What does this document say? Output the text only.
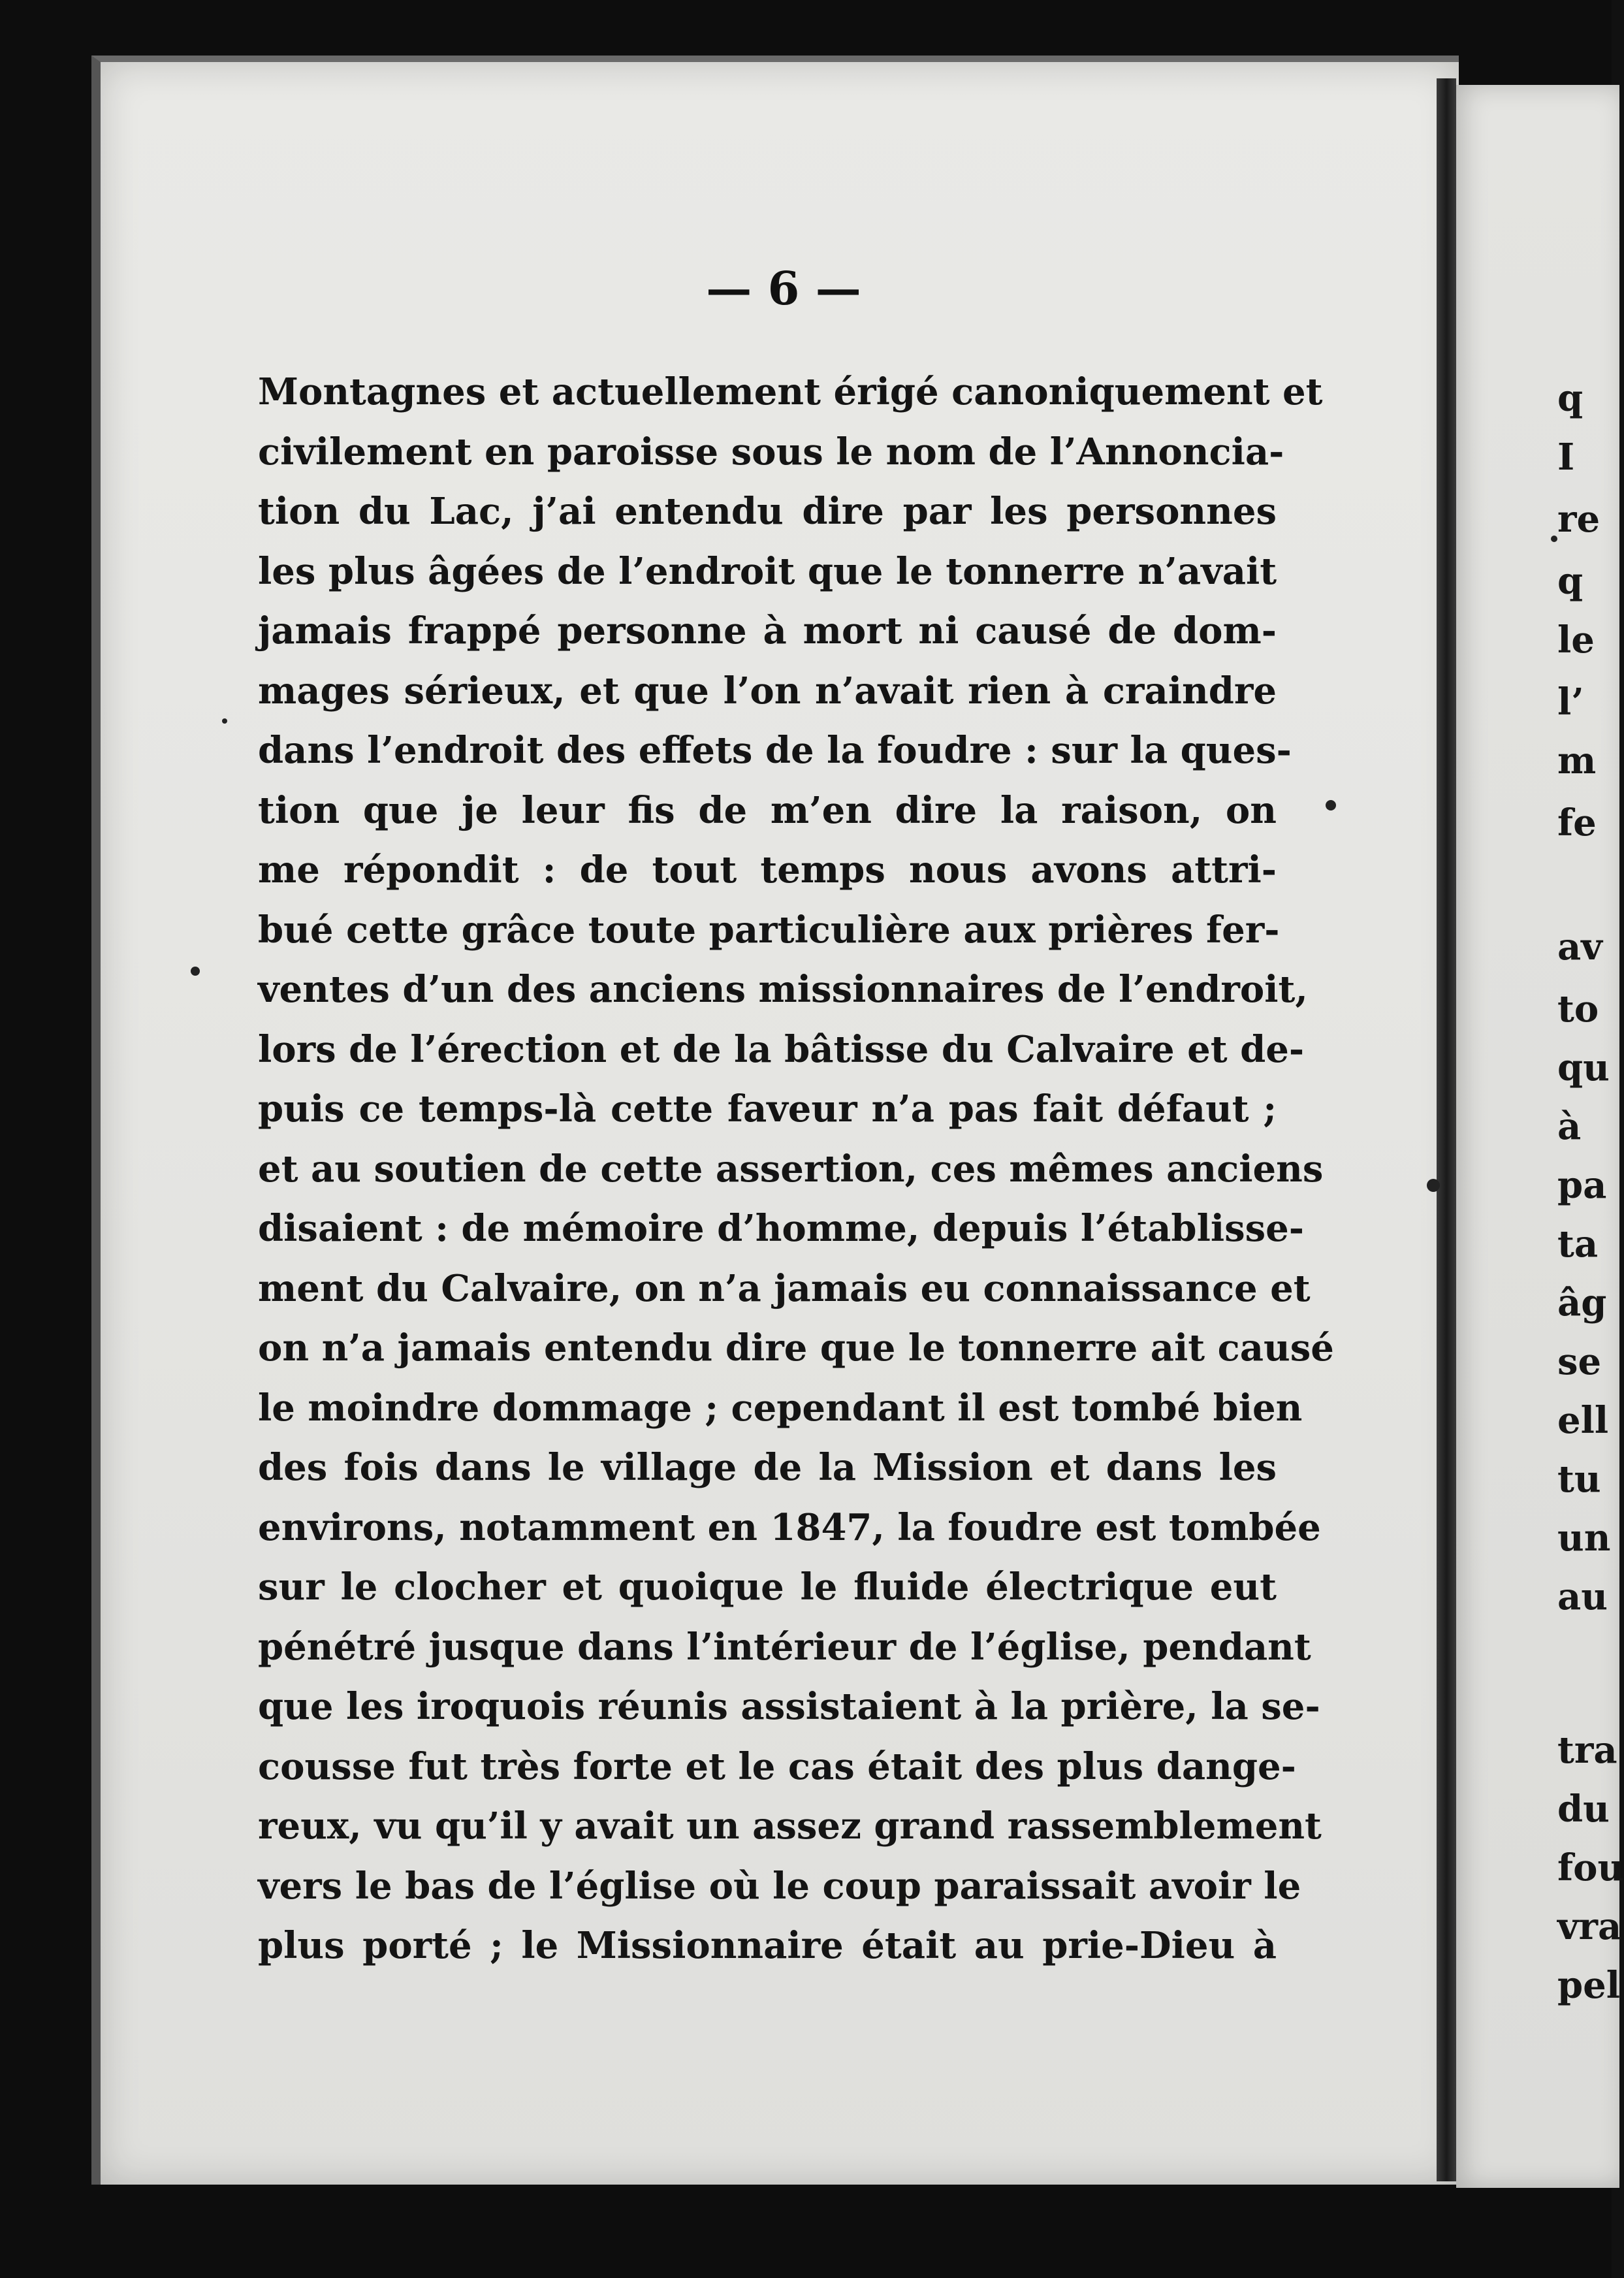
— 6 —
Montagnes et actuellement érigé canoniquement et
civilement en paroisse sous le nom de l’Annoncia-
tion du Lac, j’ai entendu dire par les personnes
les plus âgées de l’endroit que le tonnerre n’avait
jamais frappé personne à mort ni causé de dom-
mages sérieux, et que l’on n’avait rien à craindre
dans l’endroit des effets de la foudre : sur la ques-
tion que je leur fis de m’en dire la raison, on
me répondit : de tout temps nous avons attri-
bué cette grâce toute particulière aux prières fer-
ventes d’un des anciens missionnaires de l’endroit,
lors de l’érection et de la bâtisse du Calvaire et de-
puis ce temps-là cette faveur n’a pas fait défaut ;
et au soutien de cette assertion, ces mêmes anciens
disaient : de mémoire d’homme, depuis l’établisse-
ment du Calvaire, on n’a jamais eu connaissance et
on n’a jamais entendu dire que le tonnerre ait causé
le moindre dommage ; cependant il est tombé bien
des fois dans le village de la Mission et dans les
environs, notamment en 1847, la foudre est tombée
sur le clocher et quoique le fluide électrique eut
pénétré jusque dans l’intérieur de l’église, pendant
que les iroquois réunis assistaient à la prière, la se-
cousse fut très forte et le cas était des plus dange-
reux, vu qu’il y avait un assez grand rassemblement
vers le bas de l’église où le coup paraissait avoir le
plus porté ; le Missionnaire était au prie-Dieu à
q
I
re
q
le
l’
m
fe
av
to
qu
à
pa
ta
âg
se
ell
tu
un
au
tra
du
fou
vra
pel
